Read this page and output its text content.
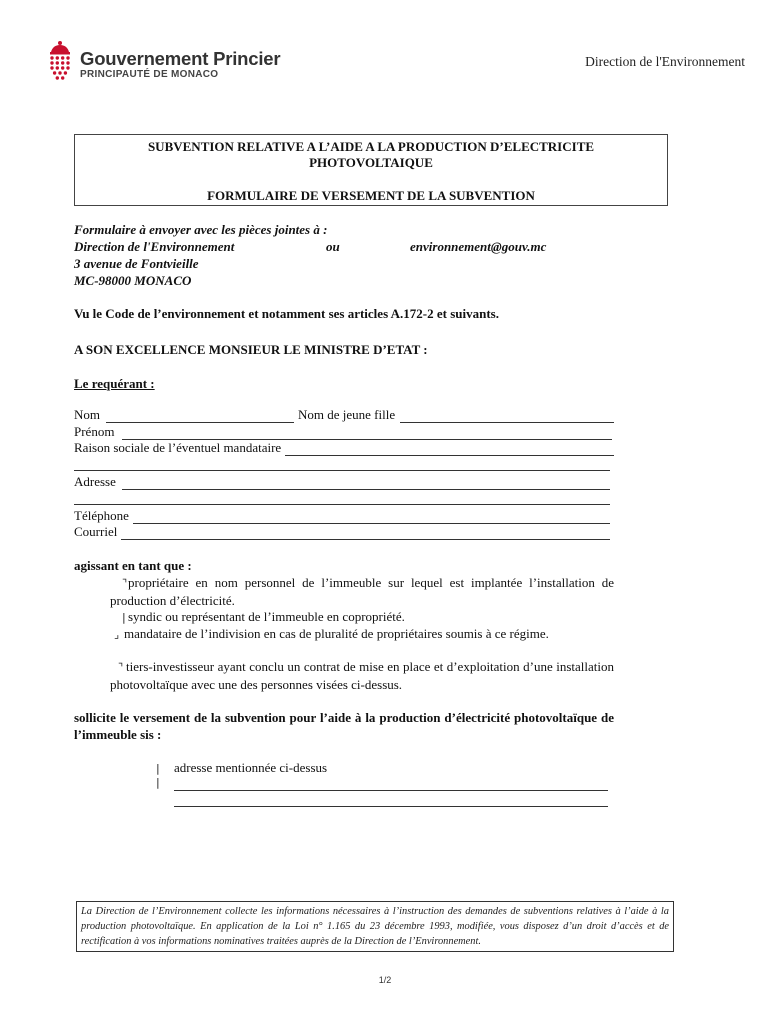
Gouvernement Princier
PRINCIPAUTÉ DE MONACO
Direction de l'Environnement
SUBVENTION RELATIVE A L’AIDE A LA PRODUCTION D’ELECTRICITE
PHOTOVOLTAIQUE
FORMULAIRE DE VERSEMENT DE LA SUBVENTION
Formulaire à envoyer avec les pièces jointes à :
Direction de l'Environnement	ou	environnement@gouv.mc
3 avenue de Fontvieille
MC-98000 MONACO
Vu le Code de l’environnement et notamment ses articles A.172-2 et suivants.
A SON EXCELLENCE MONSIEUR LE MINISTRE D’ETAT :
Le requérant :
Nom	Nom de jeune fille
Prénom
Raison sociale de l’éventuel mandataire
Adresse
Téléphone
Courriel
agissant en tant que :
⌝propriétaire en nom personnel de l’immeuble sur lequel est implantée l’installation de production d’électricité.
| syndic ou représentant de l’immeuble en copropriété.
⌟ mandataire de l’indivision en cas de pluralité de propriétaires soumis à ce régime.
⌝ tiers-investisseur ayant conclu un contrat de mise en place et d’exploitation d’une installation photovoltaïque avec une des personnes visées ci-dessus.
sollicite le versement de la subvention pour l’aide à la production d’électricité photovoltaïque de l’immeuble sis :
| adresse mentionnée ci-dessus
|
La Direction de l’Environnement collecte les informations nécessaires à l’instruction des demandes de subventions relatives à l’aide à la production photovoltaïque. En application de la Loi n° 1.165 du 23 décembre 1993, modifiée, vous disposez d’un droit d’accès et de rectification à vos informations nominatives traitées auprès de la Direction de l’Environnement.
1/2
